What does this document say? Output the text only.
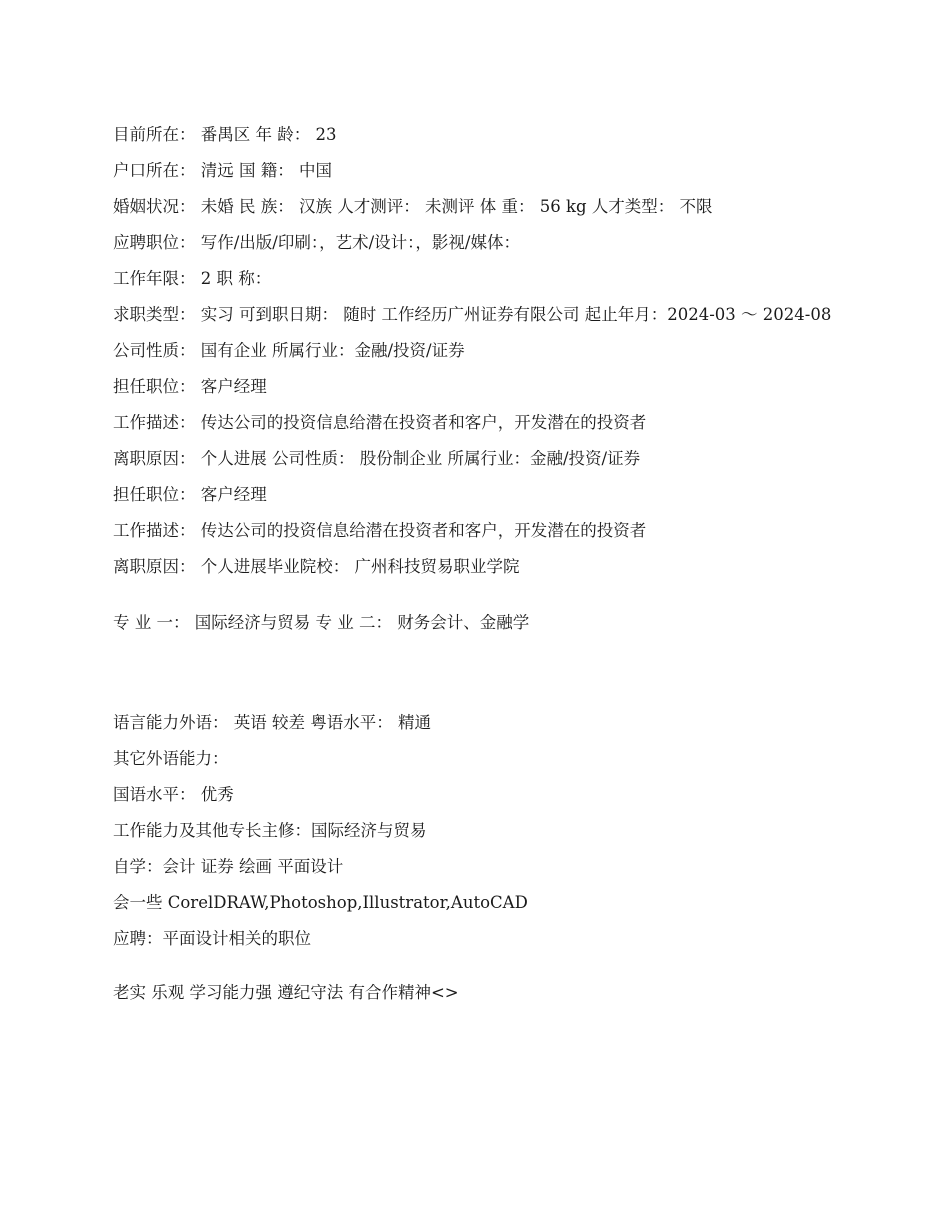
目前所在： 番禺区 年 龄： 23
户口所在： 清远 国 籍： 中国
婚姻状况： 未婚 民 族： 汉族 人才测评： 未测评 体 重： 56 kg 人才类型： 不限
应聘职位： 写作/出版/印刷：，艺术/设计：，影视/媒体：
工作年限： 2 职 称：
求职类型： 实习 可到职日期： 随时 工作经历广州证券有限公司 起止年月：2024-03 ～ 2024-08
公司性质： 国有企业 所属行业：金融/投资/证券
担任职位： 客户经理
工作描述： 传达公司的投资信息给潜在投资者和客户，开发潜在的投资者
离职原因： 个人进展 公司性质： 股份制企业 所属行业：金融/投资/证券
担任职位： 客户经理
工作描述： 传达公司的投资信息给潜在投资者和客户，开发潜在的投资者
离职原因： 个人进展毕业院校： 广州科技贸易职业学院
专 业 一： 国际经济与贸易 专 业 二： 财务会计、金融学
语言能力外语： 英语 较差 粤语水平： 精通
其它外语能力：
国语水平： 优秀
工作能力及其他专长主修：国际经济与贸易
自学：会计 证券 绘画 平面设计
会一些 CorelDRAW,Photoshop,Illustrator,AutoCAD
应聘：平面设计相关的职位
老实 乐观 学习能力强 遵纪守法 有合作精神<>
